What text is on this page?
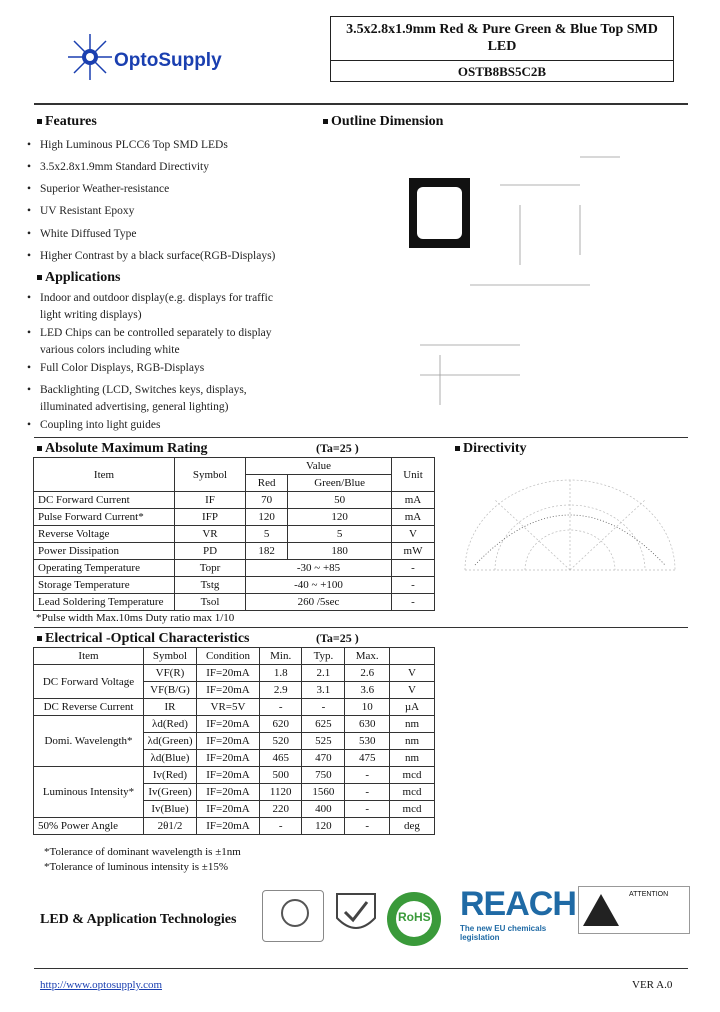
OptoSupply
3.5x2.8x1.9mm Red & Pure Green & Blue Top SMD
LED
OSTB8BS5C2B
Features
• High Luminous PLCC6 Top SMD LEDs
• 3.5x2.8x1.9mm Standard Directivity
• Superior Weather-resistance
• UV Resistant Epoxy
• White Diffused Type
• Higher Contrast by a black surface(RGB-Displays)
Outline Dimension
Applications
• Indoor and outdoor display(e.g. displays for traffic
light writing displays)
• LED Chips can be controlled separately to display
various colors including white
• Full Color Displays, RGB-Displays
• Backlighting (LCD, Switches keys, displays,
illuminated advertising, general lighting)
• Coupling into light guides
Absolute Maximum Rating	(Ta=25 )
Item	Symbol	Value		Unit
		Red	Green/Blue	
DC Forward Current	IF	70	50	mA
Pulse Forward Current*	IFP	120	120	mA
Reverse Voltage	VR	5	5	V
Power Dissipation	PD	182	180	mW
Operating Temperature	Topr	-30 ~ +85		-
Storage Temperature	Tstg	-40 ~ +100		-
Lead Soldering Temperature	Tsol	260 /5sec		-
*Pulse width Max.10ms Duty ratio max 1/10
Directivity
Electrical -Optical Characteristics	(Ta=25 )
Item	Symbol	Condition	Min.	Typ.	Max.	
DC Forward Voltage	VF(R)	IF=20mA	1.8	2.1	2.6	V
	VF(B/G)	IF=20mA	2.9	3.1	3.6	V
DC Reverse Current	IR	VR=5V	-	-	10	µA
Domi. Wavelength*	λd(Red)	IF=20mA	620	625	630	nm
	λd(Green)	IF=20mA	520	525	530	nm
	λd(Blue)	IF=20mA	465	470	475	nm
Luminous Intensity*	Iv(Red)	IF=20mA	500	750	-	mcd
	Iv(Green)	IF=20mA	1120	1560	-	mcd
	Iv(Blue)	IF=20mA	220	400	-	mcd
50% Power Angle	2θ1/2	IF=20mA	-	120	-	deg
*Tolerance of dominant wavelength is ±1nm
*Tolerance of luminous intensity is ±15%
LED & Application Technologies	RoHS REACH
The new EU chemicals legislation
ATTENTION
http://www.optosupply.com	VER A.0
